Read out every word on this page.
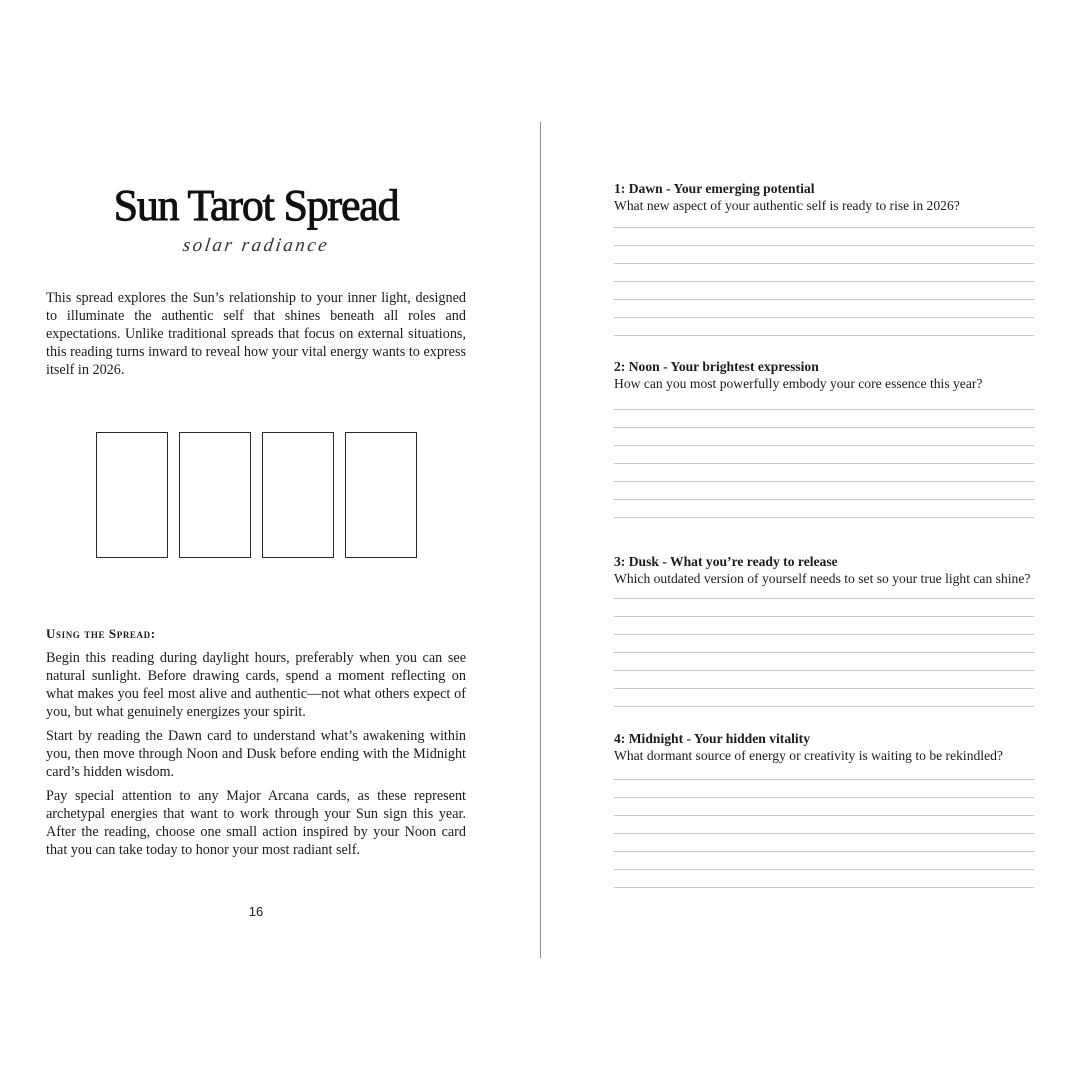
Sun Tarot Spread
solar radiance

This spread explores the Sun’s relationship to your inner light, designed to illuminate the authentic self that shines beneath all roles and expectations. Unlike traditional spreads that focus on external situations, this reading turns inward to reveal how your vital energy wants to express itself in 2026.

Using the Spread:

Begin this reading during daylight hours, preferably when you can see natural sunlight. Before drawing cards, spend a moment reflecting on what makes you feel most alive and authentic—not what others expect of you, but what genuinely energizes your spirit.

Start by reading the Dawn card to understand what’s awakening within you, then move through Noon and Dusk before ending with the Midnight card’s hidden wisdom.

Pay special attention to any Major Arcana cards, as these represent archetypal energies that want to work through your Sun sign this year. After the reading, choose one small action inspired by your Noon card that you can take today to honor your most radiant self.

16

1: Dawn - Your emerging potential

What new aspect of your authentic self is ready to rise in 2026?

2: Noon - Your brightest expression

How can you most powerfully embody your core essence this year?

3: Dusk - What you’re ready to release

Which outdated version of yourself needs to set so your true light can shine?

4: Midnight - Your hidden vitality

What dormant source of energy or creativity is waiting to be rekindled?
